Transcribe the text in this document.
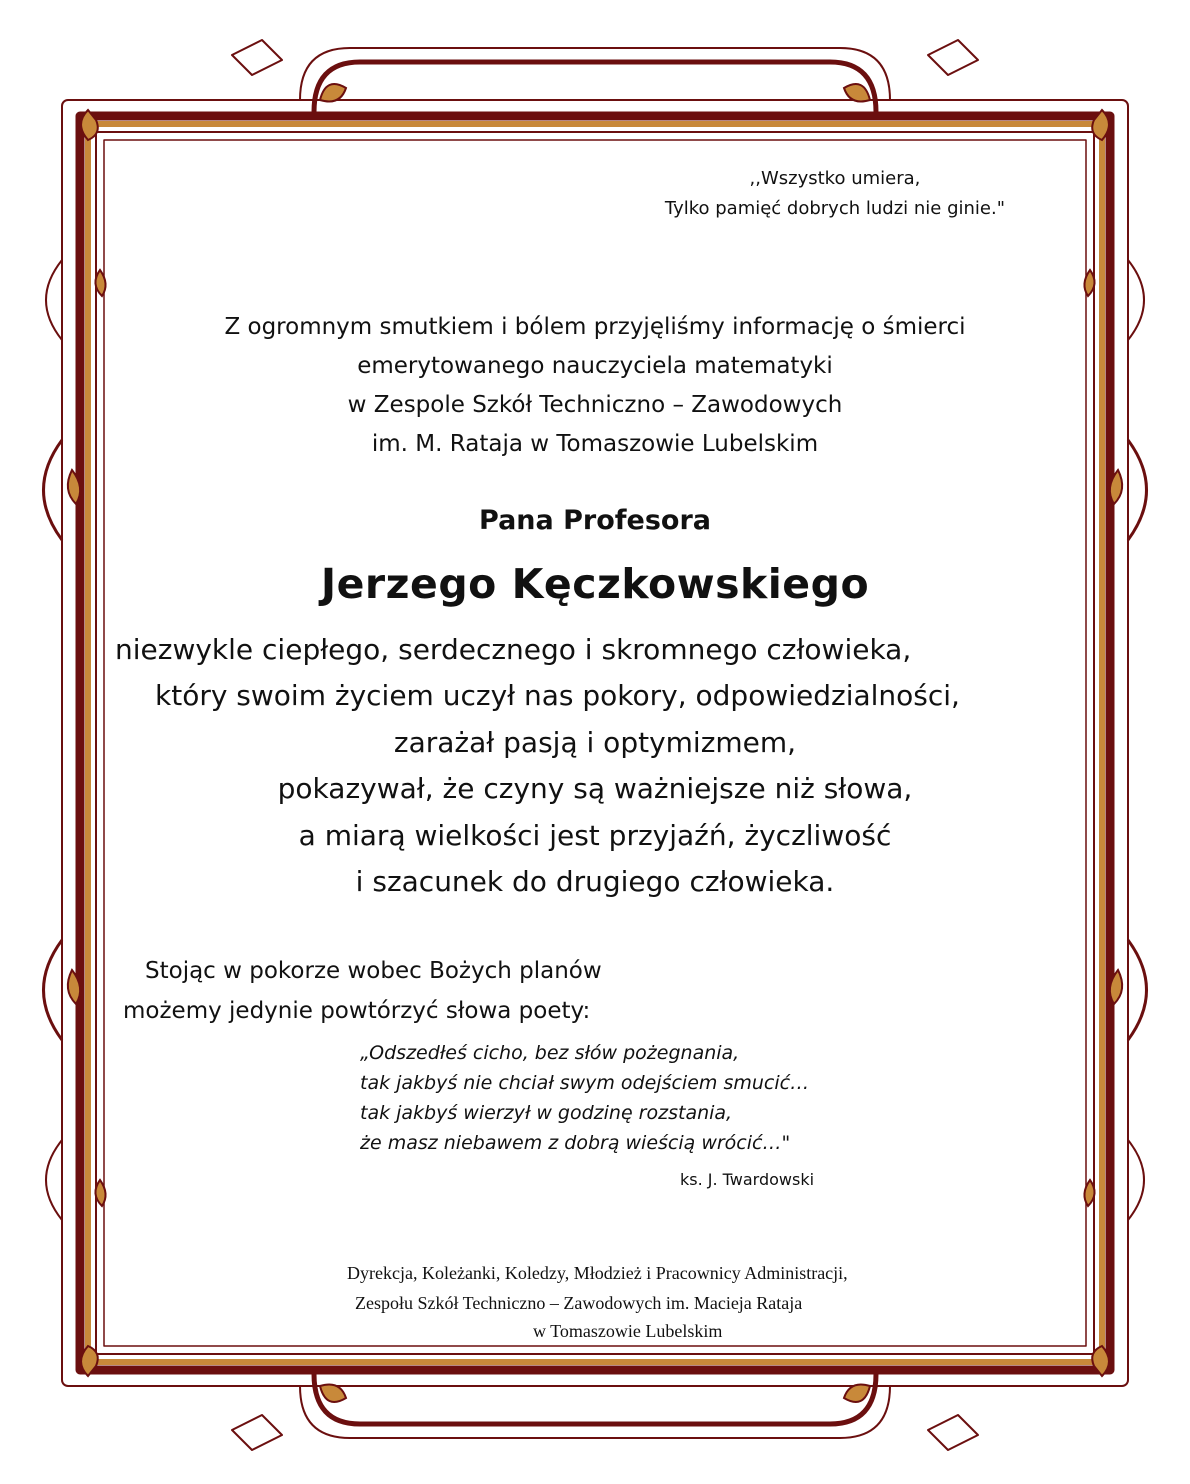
,,Wszystko umiera,
Tylko pamięć dobrych ludzi nie ginie."
Z ogromnym smutkiem i bólem przyjęliśmy informację o śmierci
emerytowanego nauczyciela matematyki
w Zespole Szkół Techniczno – Zawodowych
im. M. Rataja w Tomaszowie Lubelskim
Pana Profesora
Jerzego Kęczkowskiego
niezwykle ciepłego, serdecznego i skromnego człowieka,
który swoim życiem uczył nas pokory, odpowiedzialności,
zarażał pasją i optymizmem,
pokazywał, że czyny są ważniejsze niż słowa,
a miarą wielkości jest przyjaźń, życzliwość
i szacunek do drugiego człowieka.
Stojąc w pokorze wobec Bożych planów
możemy jedynie powtórzyć słowa poety:
„Odszedłeś cicho, bez słów pożegnania,
tak jakbyś nie chciał swym odejściem smucić…
tak jakbyś wierzył w godzinę rozstania,
że masz niebawem z dobrą wieścią wrócić…"
ks. J. Twardowski
Dyrekcja, Koleżanki, Koledzy, Młodzież i Pracownicy Administracji,
Zespołu Szkół Techniczno – Zawodowych im. Macieja Rataja
w Tomaszowie Lubelskim
